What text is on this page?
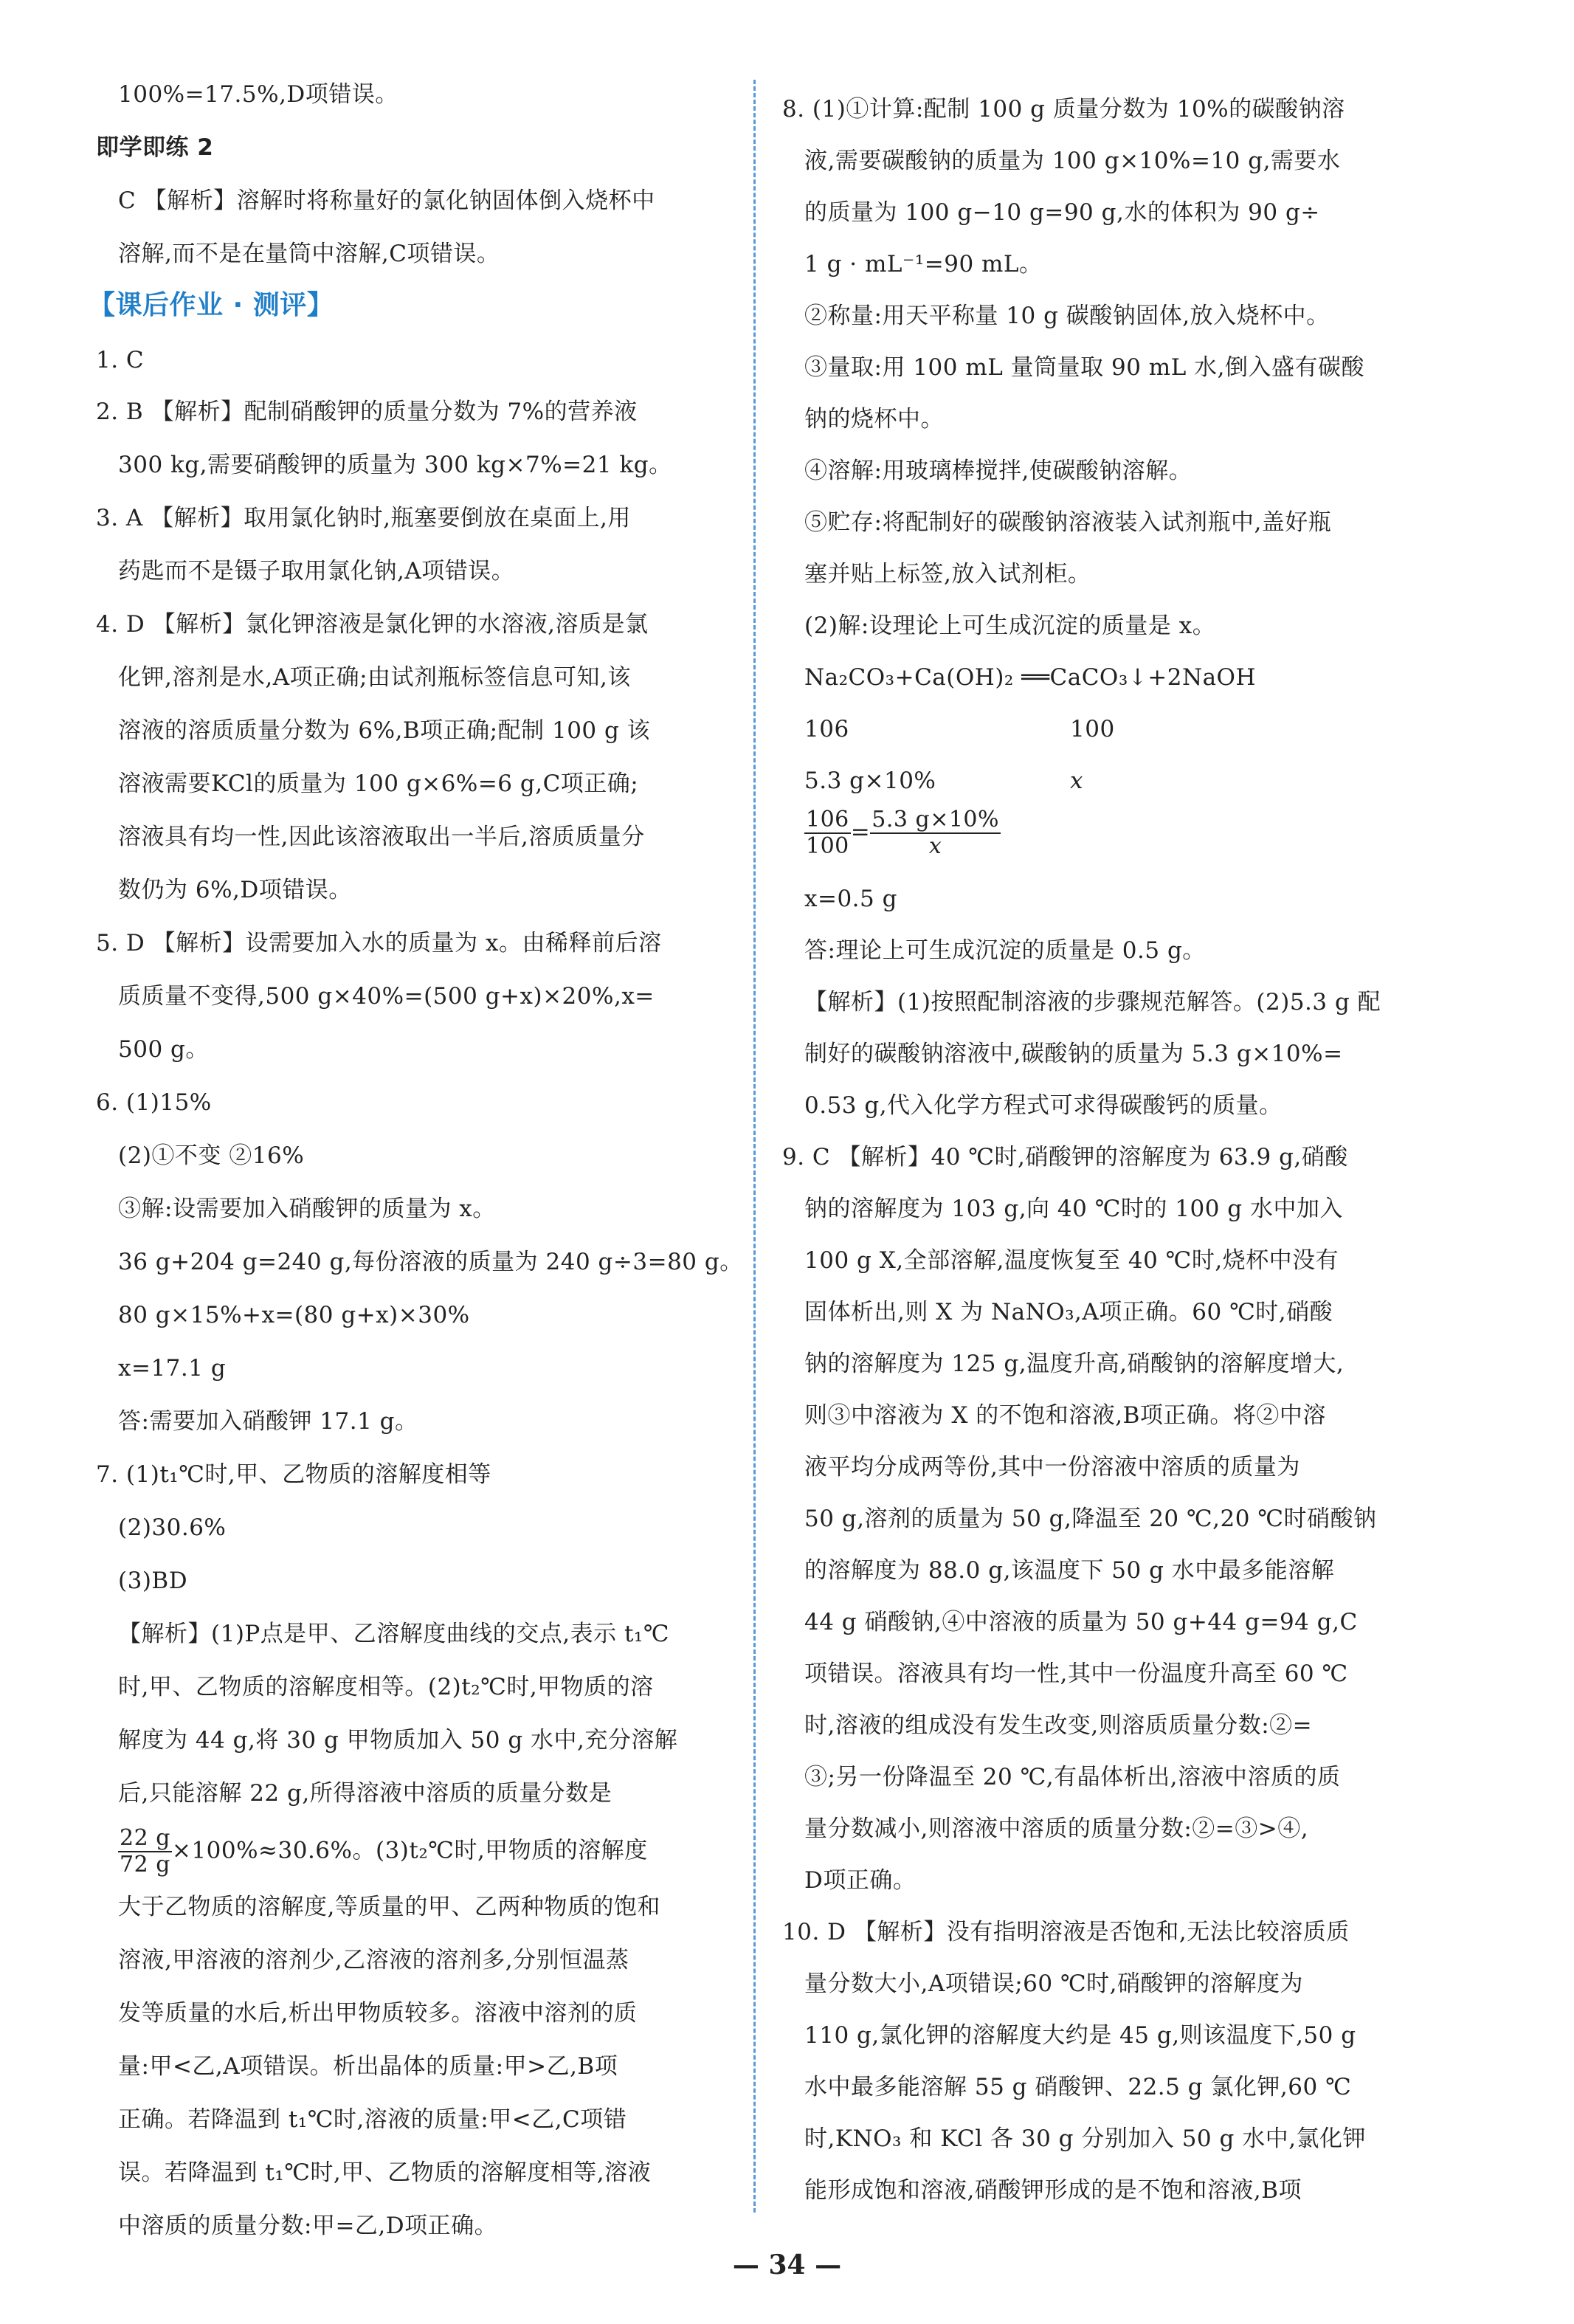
100%=17.5%,D项错误。
即学即练 2
C 【解析】溶解时将称量好的氯化钠固体倒入烧杯中
溶解,而不是在量筒中溶解,C项错误。
【课后作业 · 测评】
1. C
2. B 【解析】配制硝酸钾的质量分数为 7%的营养液
300 kg,需要硝酸钾的质量为 300 kg×7%=21 kg。
3. A 【解析】取用氯化钠时,瓶塞要倒放在桌面上,用
药匙而不是镊子取用氯化钠,A项错误。
4. D 【解析】氯化钾溶液是氯化钾的水溶液,溶质是氯
化钾,溶剂是水,A项正确;由试剂瓶标签信息可知,该
溶液的溶质质量分数为 6%,B项正确;配制 100 g 该
溶液需要KCl的质量为 100 g×6%=6 g,C项正确;
溶液具有均一性,因此该溶液取出一半后,溶质质量分
数仍为 6%,D项错误。
5. D 【解析】设需要加入水的质量为 x。由稀释前后溶
质质量不变得,500 g×40%=(500 g+x)×20%,x=
500 g。
6. (1)15%
(2)①不变 ②16%
③解:设需要加入硝酸钾的质量为 x。
36 g+204 g=240 g,每份溶液的质量为 240 g÷3=80 g。
80 g×15%+x=(80 g+x)×30%
x=17.1 g
答:需要加入硝酸钾 17.1 g。
7. (1)t₁℃时,甲、乙物质的溶解度相等
(2)30.6%
(3)BD
【解析】(1)P点是甲、乙溶解度曲线的交点,表示 t₁℃
时,甲、乙物质的溶解度相等。(2)t₂℃时,甲物质的溶
解度为 44 g,将 30 g 甲物质加入 50 g 水中,充分溶解
后,只能溶解 22 g,所得溶液中溶质的质量分数是
$\frac{22 g}{72 g} \times 100\%\approx 30.6\%$。(3)t₂℃时,甲物质的溶解度
大于乙物质的溶解度,等质量的甲、乙两种物质的饱和
溶液,甲溶液的溶剂少,乙溶液的溶剂多,分别恒温蒸
发等质量的水后,析出甲物质较多。溶液中溶剂的质
量:甲<乙,A项错误。析出晶体的质量:甲>乙,B项
正确。若降温到 t₁℃时,溶液的质量:甲<乙,C项错
误。若降温到 t₁℃时,甲、乙物质的溶解度相等,溶液
中溶质的质量分数:甲=乙,D项正确。
8. (1)①计算:配制 100 g 质量分数为 10%的碳酸钠溶
液,需要碳酸钠的质量为 100 g×10%=10 g,需要水
的质量为 100 g−10 g=90 g,水的体积为 90 g÷
1 g · mL⁻¹=90 mL。
②称量:用天平称量 10 g 碳酸钠固体,放入烧杯中。
③量取:用 100 mL 量筒量取 90 mL 水,倒入盛有碳酸
钠的烧杯中。
④溶解:用玻璃棒搅拌,使碳酸钠溶解。
⑤贮存:将配制好的碳酸钠溶液装入试剂瓶中,盖好瓶
塞并贴上标签,放入试剂柜。
(2)解:设理论上可生成沉淀的质量是 x。
Na₂CO₃+Ca(OH)₂ ══CaCO₃↓+2NaOH
106	100
5.3 g×10%	x
$\frac{106}{100} = \frac{5.3 g\times 10\%}{x}$
x=0.5 g
答:理论上可生成沉淀的质量是 0.5 g。
【解析】(1)按照配制溶液的步骤规范解答。(2)5.3 g 配
制好的碳酸钠溶液中,碳酸钠的质量为 5.3 g×10%=
0.53 g,代入化学方程式可求得碳酸钙的质量。
9. C 【解析】40 ℃时,硝酸钾的溶解度为 63.9 g,硝酸
钠的溶解度为 103 g,向 40 ℃时的 100 g 水中加入
100 g X,全部溶解,温度恢复至 40 ℃时,烧杯中没有
固体析出,则 X 为 NaNO₃,A项正确。60 ℃时,硝酸
钠的溶解度为 125 g,温度升高,硝酸钠的溶解度增大,
则③中溶液为 X 的不饱和溶液,B项正确。将②中溶
液平均分成两等份,其中一份溶液中溶质的质量为
50 g,溶剂的质量为 50 g,降温至 20 ℃,20 ℃时硝酸钠
的溶解度为 88.0 g,该温度下 50 g 水中最多能溶解
44 g 硝酸钠,④中溶液的质量为 50 g+44 g=94 g,C
项错误。溶液具有均一性,其中一份温度升高至 60 ℃
时,溶液的组成没有发生改变,则溶质质量分数:②=
③;另一份降温至 20 ℃,有晶体析出,溶液中溶质的质
量分数减小,则溶液中溶质的质量分数:②=③>④,
D项正确。
10. D 【解析】没有指明溶液是否饱和,无法比较溶质质
量分数大小,A项错误;60 ℃时,硝酸钾的溶解度为
110 g,氯化钾的溶解度大约是 45 g,则该温度下,50 g
水中最多能溶解 55 g 硝酸钾、22.5 g 氯化钾,60 ℃
时,KNO₃ 和 KCl 各 30 g 分别加入 50 g 水中,氯化钾
能形成饱和溶液,硝酸钾形成的是不饱和溶液,B项
— 34 —
